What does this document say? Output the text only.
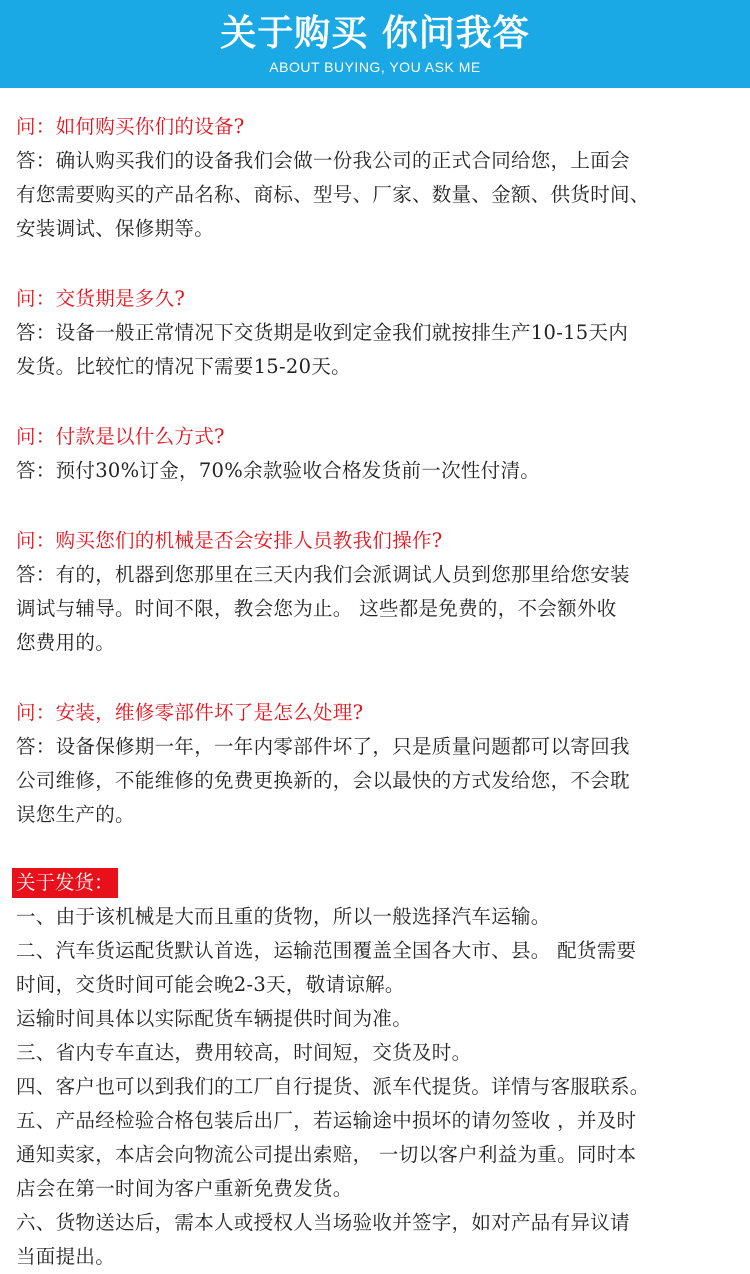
关于购买 你问我答
ABOUT BUYING, YOU ASK ME
问：如何购买你们的设备?
答：确认购买我们的设备我们会做一份我公司的正式合同给您，上面会
有您需要购买的产品名称、商标、型号、厂家、数量、金额、供货时间、
安装调试、保修期等。
问：交货期是多久?
答：设备一般正常情况下交货期是收到定金我们就按排生产10-15天内
发货。比较忙的情况下需要15-20天。
问：付款是以什么方式?
答：预付30%订金，70%余款验收合格发货前一次性付清。
问：购买您们的机械是否会安排人员教我们操作?
答：有的，机器到您那里在三天内我们会派调试人员到您那里给您安装
调试与辅导。时间不限，教会您为止。 这些都是免费的，不会额外收
您费用的。
问：安装，维修零部件坏了是怎么处理?
答：设备保修期一年，一年内零部件坏了，只是质量问题都可以寄回我
公司维修，不能维修的免费更换新的，会以最快的方式发给您，不会耽
误您生产的。
关于发货：
一、由于该机械是大而且重的货物，所以一般选择汽车运输。
二、汽车货运配货默认首选，运输范围覆盖全国各大市、县。 配货需要
时间，交货时间可能会晚2-3天，敬请谅解。
运输时间具体以实际配货车辆提供时间为准。
三、省内专车直达，费用较高，时间短，交货及时。
四、客户也可以到我们的工厂自行提货、派车代提货。详情与客服联系。
五、产品经检验合格包装后出厂，若运输途中损坏的请勿签收 ，并及时
通知卖家，本店会向物流公司提出索赔， 一切以客户利益为重。同时本
店会在第一时间为客户重新免费发货。
六、货物送达后，需本人或授权人当场验收并签字，如对产品有异议请
当面提出。
